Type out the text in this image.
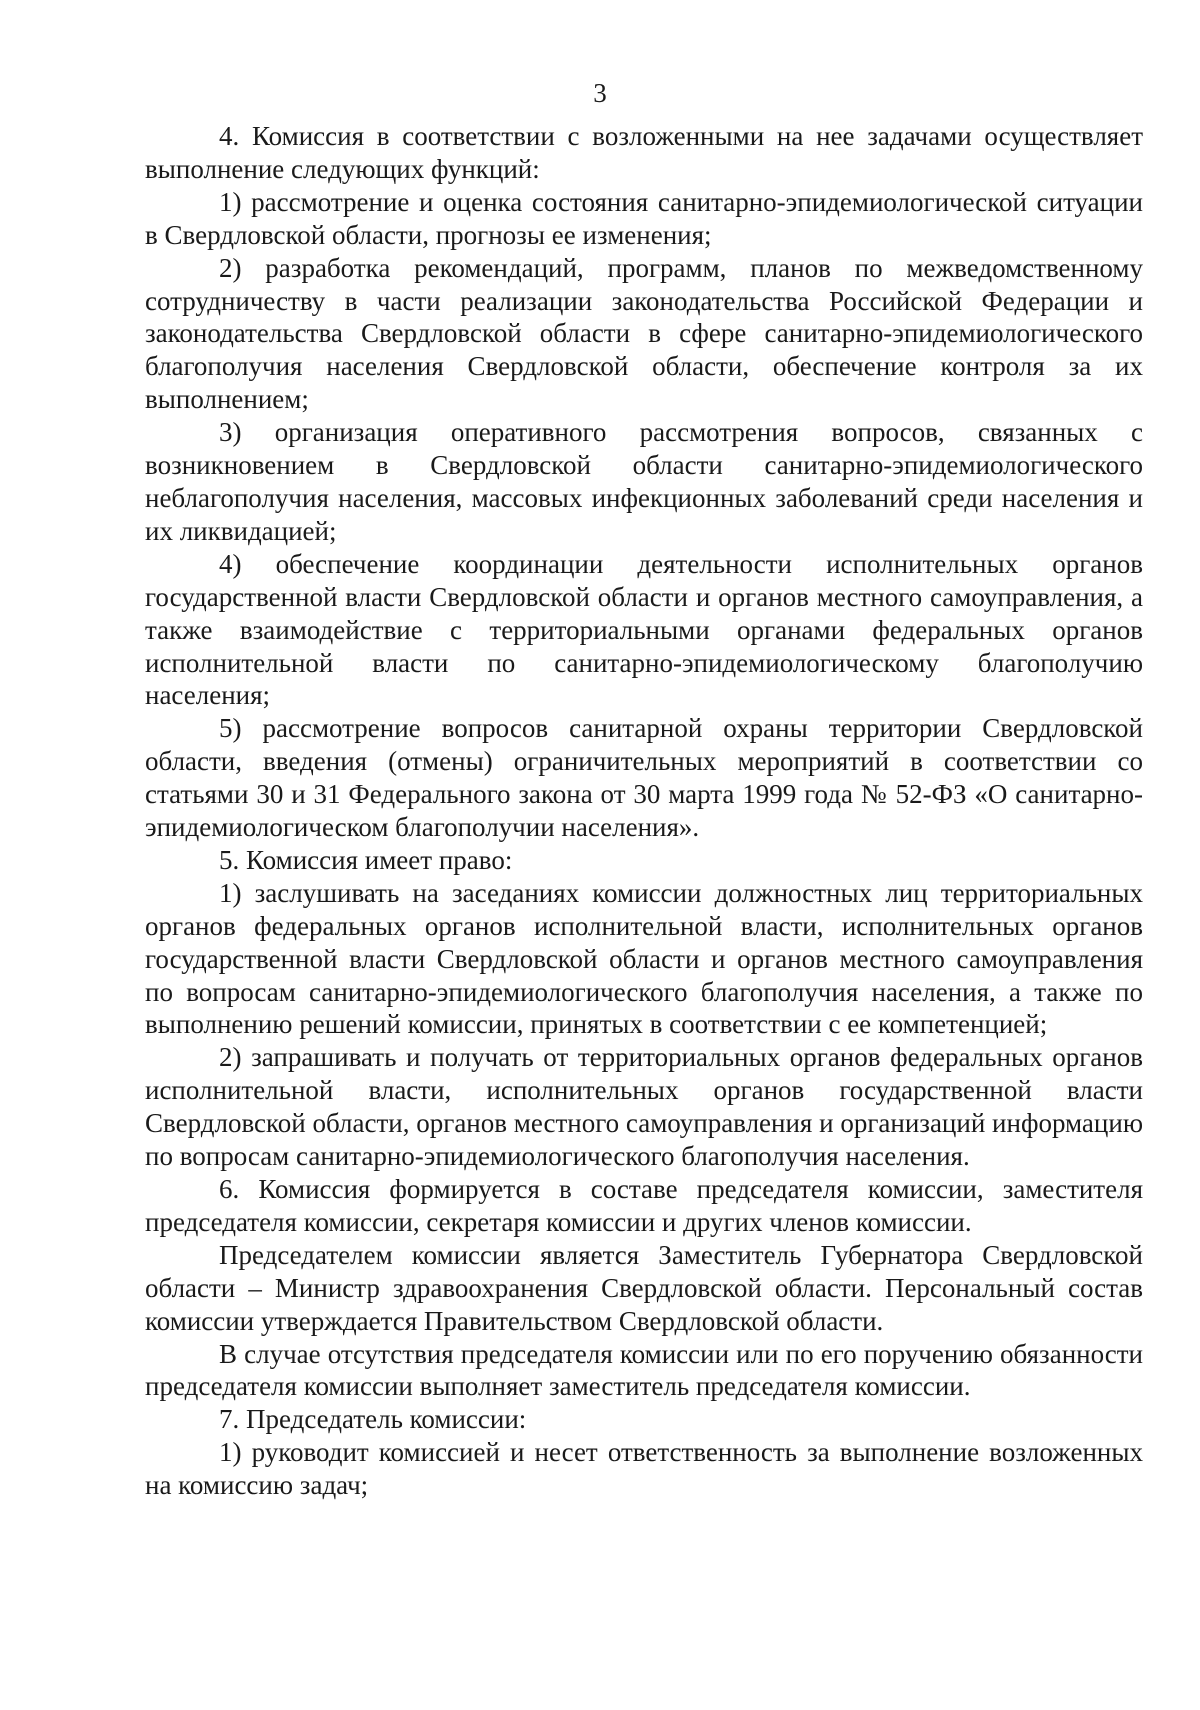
3

4. Комиссия в соответствии с возложенными на нее задачами осуществляет выполнение следующих функций:

1) рассмотрение и оценка состояния санитарно-эпидемиологической ситуации в Свердловской области, прогнозы ее изменения;

2) разработка рекомендаций, программ, планов по межведомственному сотрудничеству в части реализации законодательства Российской Федерации и законодательства Свердловской области в сфере санитарно-эпидемиологического благополучия населения Свердловской области, обеспечение контроля за их выполнением;

3) организация оперативного рассмотрения вопросов, связанных с возникновением в Свердловской области санитарно-эпидемиологического неблагополучия населения, массовых инфекционных заболеваний среди населения и их ликвидацией;

4) обеспечение координации деятельности исполнительных органов государственной власти Свердловской области и органов местного самоуправления, а также взаимодействие с территориальными органами федеральных органов исполнительной власти по санитарно-эпидемиологическому благополучию населения;

5) рассмотрение вопросов санитарной охраны территории Свердловской области, введения (отмены) ограничительных мероприятий в соответствии со статьями 30 и 31 Федерального закона от 30 марта 1999 года № 52-ФЗ «О санитарно-эпидемиологическом благополучии населения».

5. Комиссия имеет право:

1) заслушивать на заседаниях комиссии должностных лиц территориальных органов федеральных органов исполнительной власти, исполнительных органов государственной власти Свердловской области и органов местного самоуправления по вопросам санитарно-эпидемиологического благополучия населения, а также по выполнению решений комиссии, принятых в соответствии с ее компетенцией;

2) запрашивать и получать от территориальных органов федеральных органов исполнительной власти, исполнительных органов государственной власти Свердловской области, органов местного самоуправления и организаций информацию по вопросам санитарно-эпидемиологического благополучия населения.

6. Комиссия формируется в составе председателя комиссии, заместителя председателя комиссии, секретаря комиссии и других членов комиссии.

Председателем комиссии является Заместитель Губернатора Свердловской области – Министр здравоохранения Свердловской области. Персональный состав комиссии утверждается Правительством Свердловской области.

В случае отсутствия председателя комиссии или по его поручению обязанности председателя комиссии выполняет заместитель председателя комиссии.

7. Председатель комиссии:

1) руководит комиссией и несет ответственность за выполнение возложенных на комиссию задач;
